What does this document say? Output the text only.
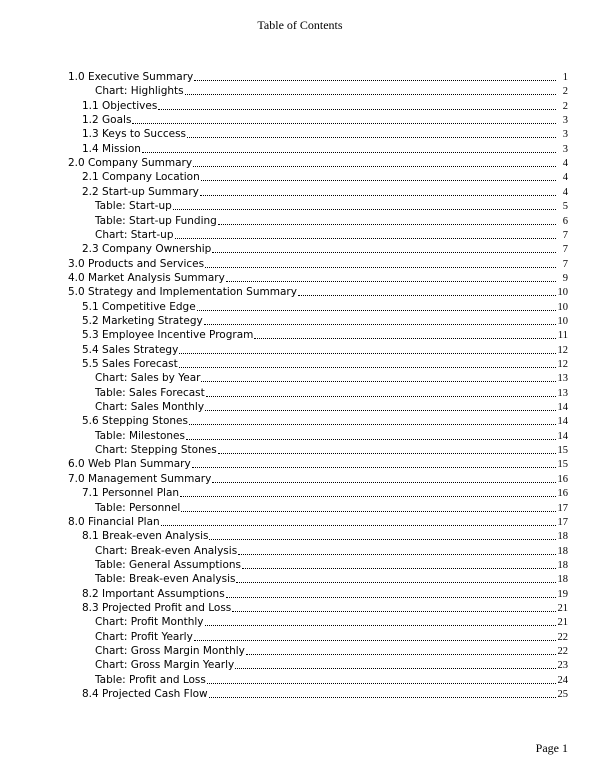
Table of Contents
1.0 Executive Summary	1
Chart: Highlights	2
1.1 Objectives	2
1.2 Goals	3
1.3 Keys to Success	3
1.4 Mission	3
2.0 Company Summary	4
2.1 Company Location	4
2.2 Start-up Summary	4
Table: Start-up	5
Table: Start-up Funding	6
Chart: Start-up	7
2.3 Company Ownership	7
3.0 Products and Services	7
4.0 Market Analysis Summary	9
5.0 Strategy and Implementation Summary	10
5.1 Competitive Edge	10
5.2 Marketing Strategy	10
5.3 Employee Incentive Program	11
5.4 Sales Strategy	12
5.5 Sales Forecast	12
Chart: Sales by Year	13
Table: Sales Forecast	13
Chart: Sales Monthly	14
5.6 Stepping Stones	14
Table: Milestones	14
Chart: Stepping Stones	15
6.0 Web Plan Summary	15
7.0 Management Summary	16
7.1 Personnel Plan	16
Table: Personnel	17
8.0 Financial Plan	17
8.1 Break-even Analysis	18
Chart: Break-even Analysis	18
Table: General Assumptions	18
Table: Break-even Analysis	18
8.2 Important Assumptions	19
8.3 Projected Profit and Loss	21
Chart: Profit Monthly	21
Chart: Profit Yearly	22
Chart: Gross Margin Monthly	22
Chart: Gross Margin Yearly	23
Table: Profit and Loss	24
8.4 Projected Cash Flow	25
Page 1
